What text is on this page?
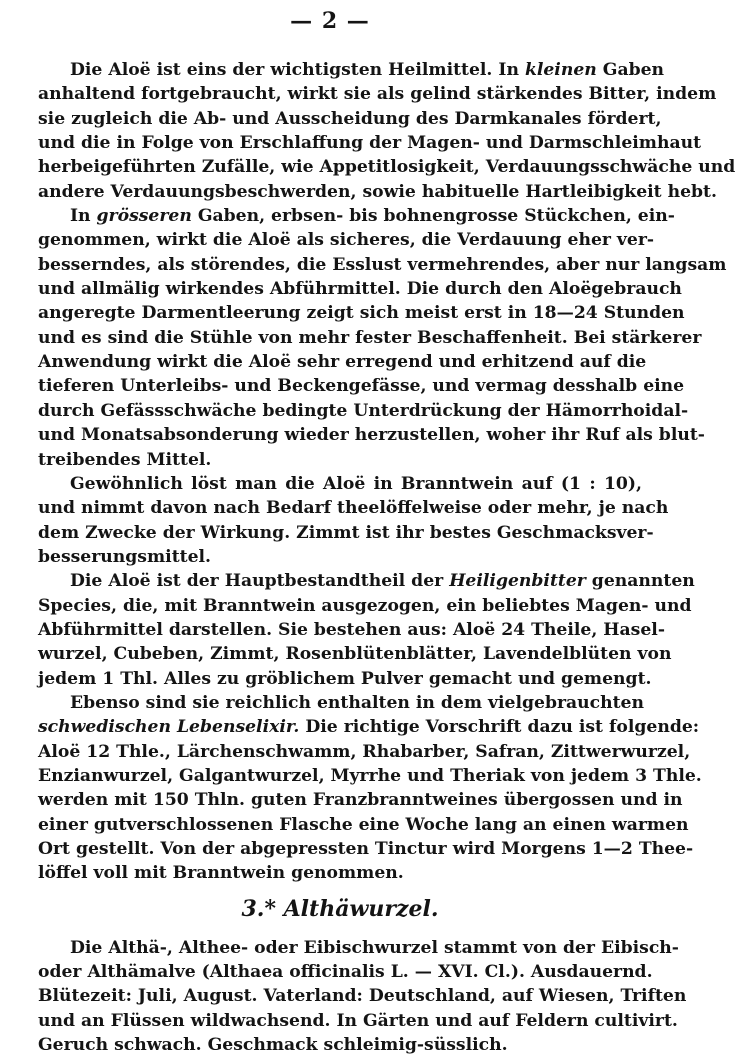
— 2 —
Die Aloë ist eins der wichtigsten Heilmittel. In kleinen Gaben
anhaltend fortgebraucht, wirkt sie als gelind stärkendes Bitter, indem
sie zugleich die Ab- und Ausscheidung des Darmkanales fördert,
und die in Folge von Erschlaffung der Magen- und Darmschleimhaut
herbeigeführten Zufälle, wie Appetitlosigkeit, Verdauungsschwäche und
andere Verdauungsbeschwerden, sowie habituelle Hartleibigkeit hebt.
In grösseren Gaben, erbsen- bis bohnengrosse Stückchen, ein-
genommen, wirkt die Aloë als sicheres, die Verdauung eher ver-
besserndes, als störendes, die Esslust vermehrendes, aber nur langsam
und allmälig wirkendes Abführmittel. Die durch den Aloëgebrauch
angeregte Darmentleerung zeigt sich meist erst in 18—24 Stunden
und es sind die Stühle von mehr fester Beschaffenheit. Bei stärkerer
Anwendung wirkt die Aloë sehr erregend und erhitzend auf die
tieferen Unterleibs- und Beckengefässe, und vermag desshalb eine
durch Gefässschwäche bedingte Unterdrückung der Hämorrhoidal-
und Monatsabsonderung wieder herzustellen, woher ihr Ruf als blut-
treibendes Mittel.
Gewöhnlich löst man die Aloë in Branntwein auf (1 : 10),
und nimmt davon nach Bedarf theelöffelweise oder mehr, je nach
dem Zwecke der Wirkung. Zimmt ist ihr bestes Geschmacksver-
besserungsmittel.
Die Aloë ist der Hauptbestandtheil der Heiligenbitter genannten
Species, die, mit Branntwein ausgezogen, ein beliebtes Magen- und
Abführmittel darstellen. Sie bestehen aus: Aloë 24 Theile, Hasel-
wurzel, Cubeben, Zimmt, Rosenblütenblätter, Lavendelblüten von
jedem 1 Thl. Alles zu gröblichem Pulver gemacht und gemengt.
Ebenso sind sie reichlich enthalten in dem vielgebrauchten
schwedischen Lebenselixir. Die richtige Vorschrift dazu ist folgende:
Aloë 12 Thle., Lärchenschwamm, Rhabarber, Safran, Zittwerwurzel,
Enzianwurzel, Galgantwurzel, Myrrhe und Theriak von jedem 3 Thle.
werden mit 150 Thln. guten Franzbranntweines übergossen und in
einer gutverschlossenen Flasche eine Woche lang an einen warmen
Ort gestellt. Von der abgepressten Tinctur wird Morgens 1—2 Thee-
löffel voll mit Branntwein genommen.
3.* Althäwurzel.
Die Althä-, Althee- oder Eibischwurzel stammt von der Eibisch-
oder Althämalve (Althaea officinalis L. — XVI. Cl.). Ausdauernd.
Blütezeit: Juli, August. Vaterland: Deutschland, auf Wiesen, Triften
und an Flüssen wildwachsend. In Gärten und auf Feldern cultivirt.
Geruch schwach. Geschmack schleimig-süsslich.
